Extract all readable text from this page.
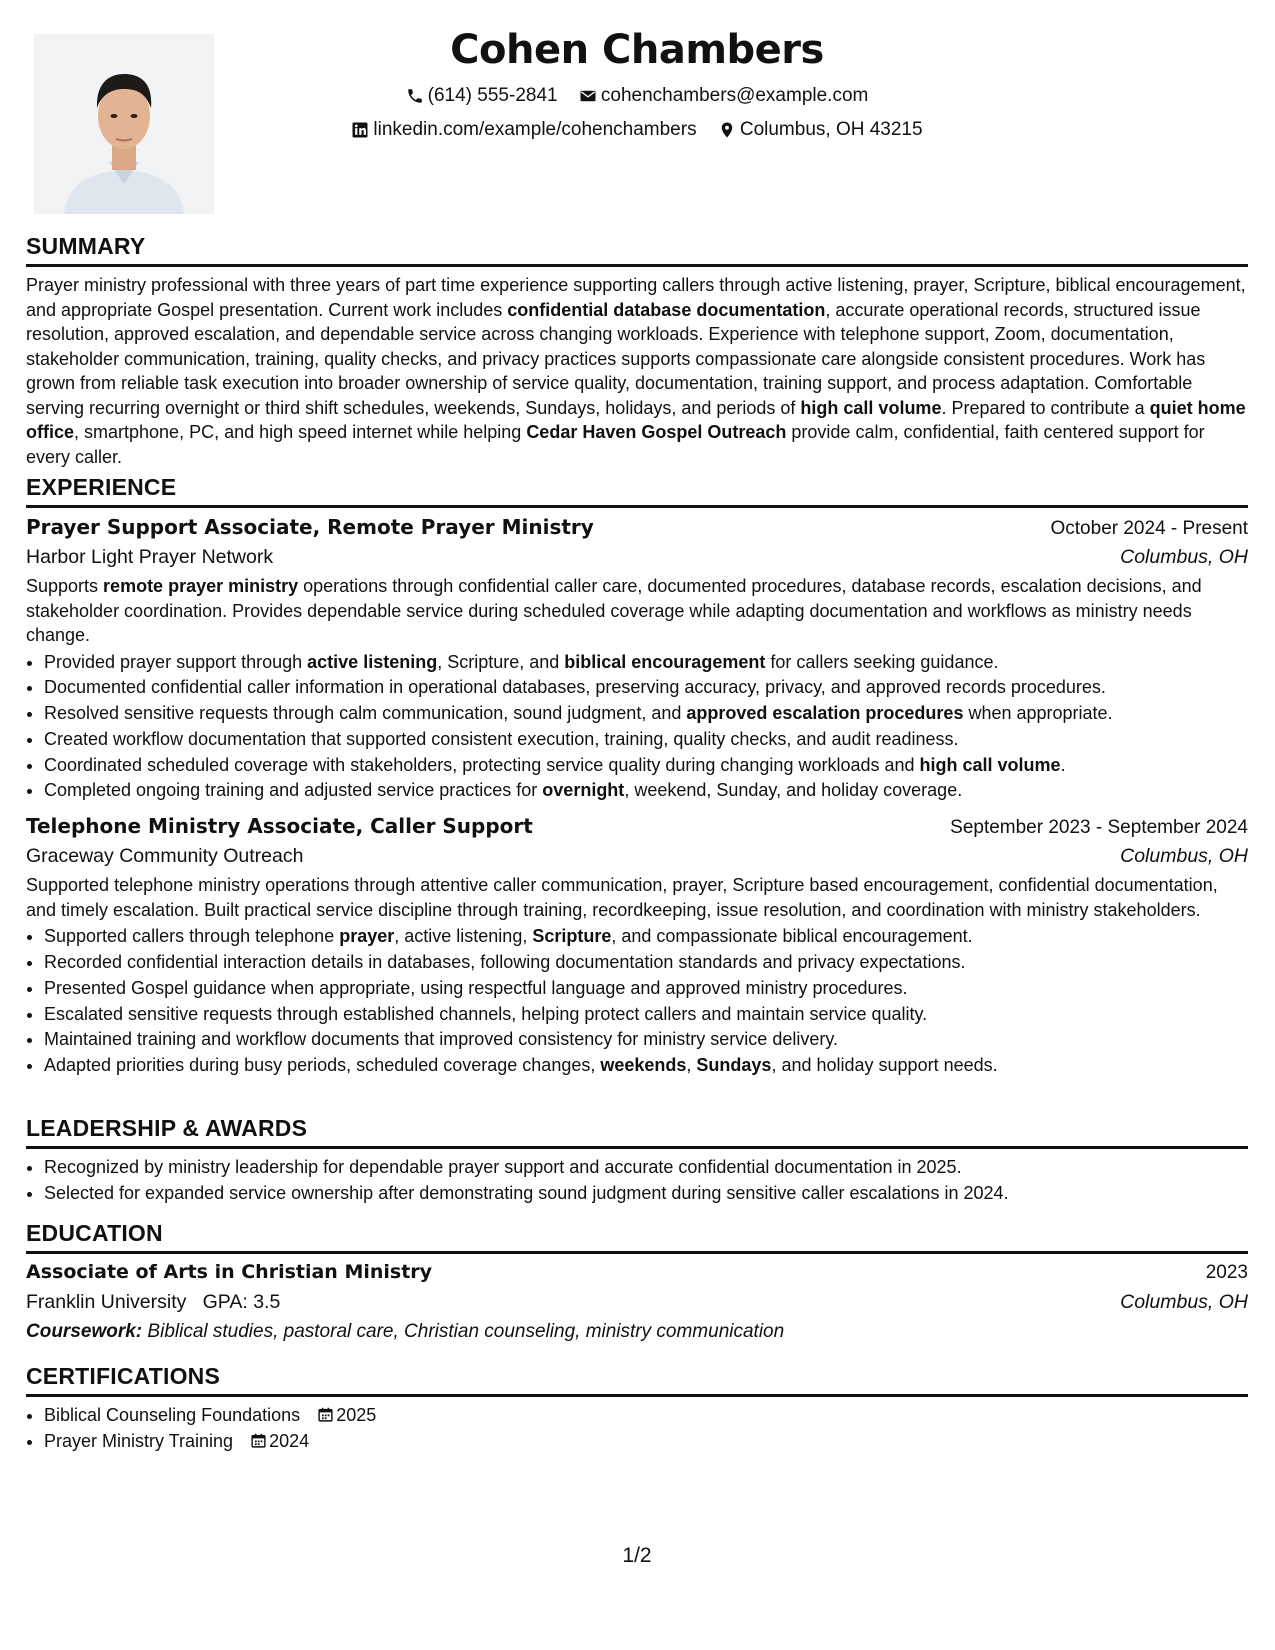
Cohen Chambers
(614) 555-2841
cohenchambers@example.com
linkedin.com/example/cohenchambers
Columbus, OH 43215
SUMMARY

Prayer ministry professional with three years of part time experience supporting callers through active listening, prayer, Scripture, biblical encouragement, and appropriate Gospel presentation. Current work includes confidential database documentation, accurate operational records, structured issue resolution, approved escalation, and dependable service across changing workloads. Experience with telephone support, Zoom, documentation, stakeholder communication, training, quality checks, and privacy practices supports compassionate care alongside consistent procedures. Work has grown from reliable task execution into broader ownership of service quality, documentation, training support, and process adaptation. Comfortable serving recurring overnight or third shift schedules, weekends, Sundays, holidays, and periods of high call volume. Prepared to contribute a quiet home office, smartphone, PC, and high speed internet while helping Cedar Haven Gospel Outreach provide calm, confidential, faith centered support for every caller.

EXPERIENCE
Prayer Support Associate, Remote Prayer Ministry	October 2024 - Present
Harbor Light Prayer Network	Columbus, OH

Supports remote prayer ministry operations through confidential caller care, documented procedures, database records, escalation decisions, and stakeholder coordination. Provides dependable service during scheduled coverage while adapting documentation and workflows as ministry needs change.

• Provided prayer support through active listening, Scripture, and biblical encouragement for callers seeking guidance.
• Documented confidential caller information in operational databases, preserving accuracy, privacy, and approved records procedures.
• Resolved sensitive requests through calm communication, sound judgment, and approved escalation procedures when appropriate.
• Created workflow documentation that supported consistent execution, training, quality checks, and audit readiness.
• Coordinated scheduled coverage with stakeholders, protecting service quality during changing workloads and high call volume.
• Completed ongoing training and adjusted service practices for overnight, weekend, Sunday, and holiday coverage.
Telephone Ministry Associate, Caller Support	September 2023 - September 2024
Graceway Community Outreach	Columbus, OH

Supported telephone ministry operations through attentive caller communication, prayer, Scripture based encouragement, confidential documentation, and timely escalation. Built practical service discipline through training, recordkeeping, issue resolution, and coordination with ministry stakeholders.

• Supported callers through telephone prayer, active listening, Scripture, and compassionate biblical encouragement.
• Recorded confidential interaction details in databases, following documentation standards and privacy expectations.
• Presented Gospel guidance when appropriate, using respectful language and approved ministry procedures.
• Escalated sensitive requests through established channels, helping protect callers and maintain service quality.
• Maintained training and workflow documents that improved consistency for ministry service delivery.
• Adapted priorities during busy periods, scheduled coverage changes, weekends, Sundays, and holiday support needs.
LEADERSHIP & AWARDS
• Recognized by ministry leadership for dependable prayer support and accurate confidential documentation in 2025.
• Selected for expanded service ownership after demonstrating sound judgment during sensitive caller escalations in 2024.
EDUCATION
Associate of Arts in Christian Ministry	2023
Franklin University GPA: 3.5	Columbus, OH
Coursework: Biblical studies, pastoral care, Christian counseling, ministry communication
CERTIFICATIONS
• Biblical Counseling Foundations 2025
• Prayer Ministry Training 2024
1/2
